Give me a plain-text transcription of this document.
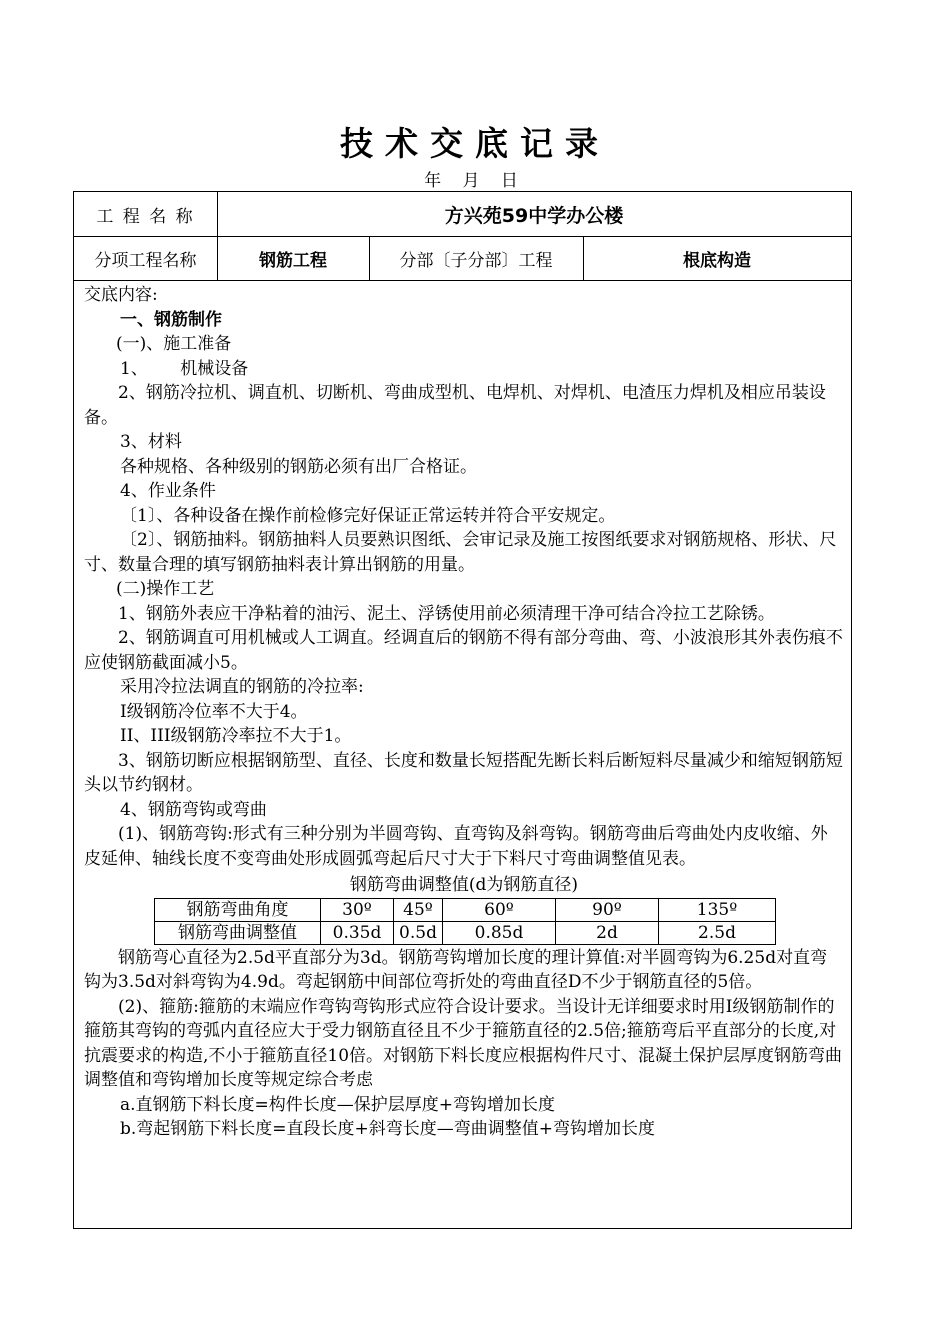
技术交底记录
年 月 日
工 程 名 称	方兴苑59中学办公楼
分项工程名称	钢筋工程	分部〔子分部〕工程	根底构造

交底内容:

一、钢筋制作

(一)、施工准备

1、      机械设备

2、钢筋冷拉机、调直机、切断机、弯曲成型机、电焊机、对焊机、电渣压力焊机及相应吊装设备。

3、材料

各种规格、各种级别的钢筋必须有出厂合格证。

4、作业条件

〔1〕、各种设备在操作前检修完好保证正常运转并符合平安规定。

〔2〕、钢筋抽料。钢筋抽料人员要熟识图纸、会审记录及施工按图纸要求对钢筋规格、形状、尺寸、数量合理的填写钢筋抽料表计算出钢筋的用量。

(二)操作工艺

1、钢筋外表应干净粘着的油污、泥土、浮锈使用前必须清理干净可结合冷拉工艺除锈。

2、钢筋调直可用机械或人工调直。经调直后的钢筋不得有部分弯曲、弯、小波浪形其外表伤痕不应使钢筋截面减小5。

采用冷拉法调直的钢筋的冷拉率:

I级钢筋冷位率不大于4。

II、III级钢筋冷率拉不大于1。

3、钢筋切断应根据钢筋型、直径、长度和数量长短搭配先断长料后断短料尽量减少和缩短钢筋短头以节约钢材。

4、钢筋弯钩或弯曲

(1)、钢筋弯钩:形式有三种分别为半圆弯钩、直弯钩及斜弯钩。钢筋弯曲后弯曲处内皮收缩、外皮延伸、轴线长度不变弯曲处形成圆弧弯起后尺寸大于下料尺寸弯曲调整值见表。

钢筋弯曲调整值(d为钢筋直径)

钢筋弯曲角度	30º	45º	60º	90º	135º
钢筋弯曲调整值	0.35d	0.5d	0.85d	2d	2.5d

钢筋弯心直径为2.5d平直部分为3d。钢筋弯钩增加长度的理计算值:对半圆弯钩为6.25d对直弯钩为3.5d对斜弯钩为4.9d。弯起钢筋中间部位弯折处的弯曲直径D不少于钢筋直径的5倍。

(2)、箍筋:箍筋的末端应作弯钩弯钩形式应符合设计要求。当设计无详细要求时用I级钢筋制作的箍筋其弯钩的弯弧内直径应大于受力钢筋直径且不少于箍筋直径的2.5倍;箍筋弯后平直部分的长度,对抗震要求的构造,不小于箍筋直径10倍。对钢筋下料长度应根据构件尺寸、混凝土保护层厚度钢筋弯曲调整值和弯钩增加长度等规定综合考虑

a.直钢筋下料长度=构件长度—保护层厚度+弯钩增加长度

b.弯起钢筋下料长度=直段长度+斜弯长度—弯曲调整值+弯钩增加长度
